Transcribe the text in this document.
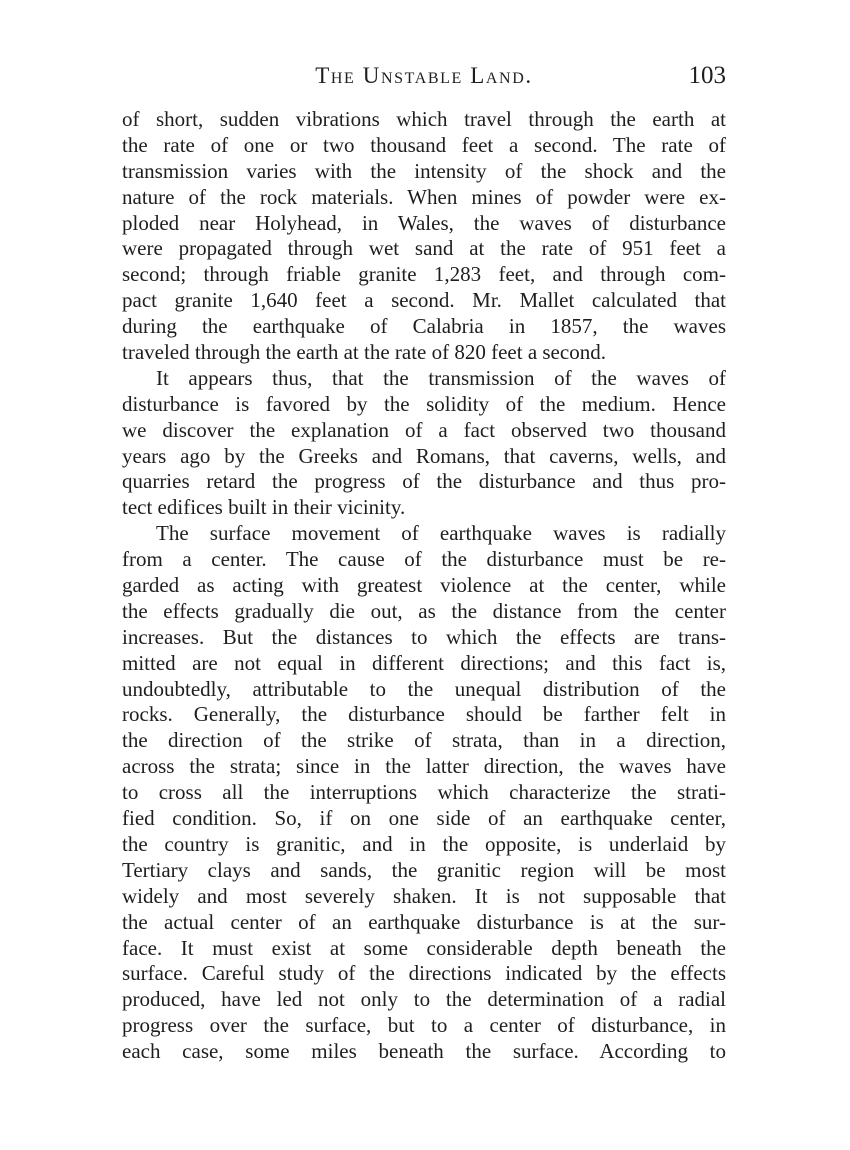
The Unstable Land.	103
of short, sudden vibrations which travel through the earth at
the rate of one or two thousand feet a second. The rate of
transmission varies with the intensity of the shock and the
nature of the rock materials. When mines of powder were ex-
ploded near Holyhead, in Wales, the waves of disturbance
were propagated through wet sand at the rate of 951 feet a
second; through friable granite 1,283 feet, and through com-
pact granite 1,640 feet a second. Mr. Mallet calculated that
during the earthquake of Calabria in 1857, the waves
traveled through the earth at the rate of 820 feet a second.
It appears thus, that the transmission of the waves of
disturbance is favored by the solidity of the medium. Hence
we discover the explanation of a fact observed two thousand
years ago by the Greeks and Romans, that caverns, wells, and
quarries retard the progress of the disturbance and thus pro-
tect edifices built in their vicinity.
The surface movement of earthquake waves is radially
from a center. The cause of the disturbance must be re-
garded as acting with greatest violence at the center, while
the effects gradually die out, as the distance from the center
increases. But the distances to which the effects are trans-
mitted are not equal in different directions; and this fact is,
undoubtedly, attributable to the unequal distribution of the
rocks. Generally, the disturbance should be farther felt in
the direction of the strike of strata, than in a direction,
across the strata; since in the latter direction, the waves have
to cross all the interruptions which characterize the strati-
fied condition. So, if on one side of an earthquake center,
the country is granitic, and in the opposite, is underlaid by
Tertiary clays and sands, the granitic region will be most
widely and most severely shaken. It is not supposable that
the actual center of an earthquake disturbance is at the sur-
face. It must exist at some considerable depth beneath the
surface. Careful study of the directions indicated by the effects
produced, have led not only to the determination of a radial
progress over the surface, but to a center of disturbance, in
each case, some miles beneath the surface. According to
